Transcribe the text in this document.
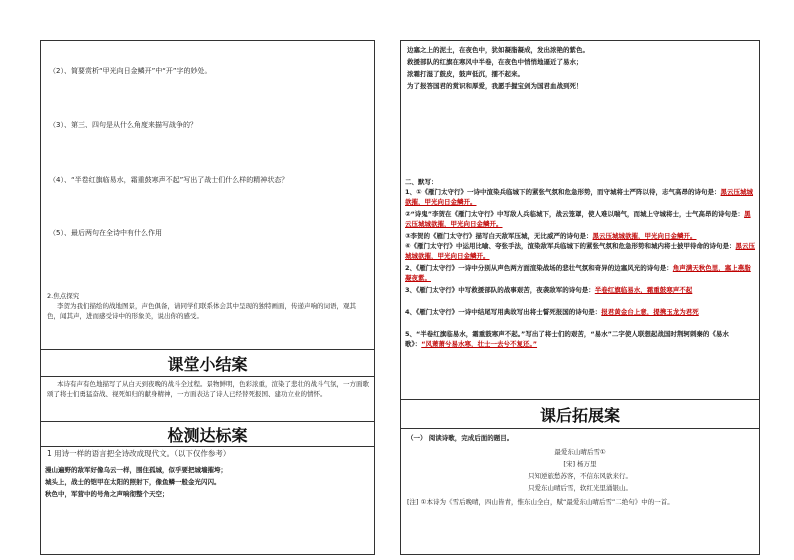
（2）、简要赏析“甲光向日金鳞开”中“开”字的妙处。
（3）、第三、四句是从什么角度来描写战争的？
（4）、“半卷红旗临易水，霜重鼓寒声不起”写出了战士们什么样的精神状态？
（5）、最后两句在全诗中有什么作用
2.焦点探究
李贺为我们描绘的战地图景，声色俱备，请同学们联系体会其中呈现的独特画面，传递声响的词语，观其色，闻其声，进而感受诗中的形象美，说出你的感受。
课堂小结案
本诗有声有色地描写了从白天到夜晚的战斗全过程。景物鲜明，色彩浓重，渲染了悲壮的战斗气氛，一方面歌颂了将士们勇猛奋战、视死如归的献身精神，一方面表达了诗人已经替死报国、建功立业的情怀。
检测达标案
1 用诗一样的语言把全诗改成现代文。（以下仅作参考）
漫山遍野的敌军好像乌云一样，围住孤城，似乎要把城墙摧垮；
城头上，战士的铠甲在太阳的照射下，像鱼鳞一般金光闪闪。
秋色中，军营中的号角之声响彻整个天空；
边塞之上的泥土，在夜色中，犹如凝脂凝成，发出浓艳的紫色。
救援部队的红旗在寒风中半卷，在夜色中悄悄地逼近了易水；
浓霜打湿了鼓皮，鼓声低沉，擂不起来。
为了报答国君的赏识和厚爱，我愿手握宝剑为国君血战到死！
二、默写：
1、①《雁门太守行》一诗中渲染兵临城下的紧张气氛和危急形势，而守城将士严阵以待，志气高昂的诗句是：黑云压城城欲摧，甲光向日金鳞开。
②“诗鬼”李贺在《雁门太守行》中写敌人兵临城下，战云笼罩，使人难以喘气，而城上守城将士，士气高昂的诗句是：黑云压城城欲摧，甲光向日金鳞开。
③李贺的《雁门太守行》描写白天敌军压城，无比威严的诗句是：黑云压城城欲摧，甲光向日金鳞开。
④《雁门太守行》中运用比喻、夸张手法，渲染敌军兵临城下的紧张气氛和危急形势和城内将士披甲待命的诗句是：黑云压城城欲摧，甲光向日金鳞开。
2、《雁门太守行》一诗中分别从声色两方面渲染战场的悲壮气氛和奇异的边塞风光的诗句是：角声满天秋色里，塞上燕脂凝夜紫。
3、《雁门太守行》中写救援部队的战事艰苦，夜袭敌军的诗句是：半卷红旗临易水，霜重鼓寒声不起
4、《雁门太守行》一诗中结尾写用典故写出将士誓死报国的诗句是：报君黄金台上意，提携玉龙为君死
5、“半卷红旗临易水，霜重鼓寒声不起。”写出了将士们的艰苦，“易水”二字使人联想起战国时荆轲刺秦的《易水歌》：“风萧萧兮易水寒，壮士一去兮不复还。”
课后拓展案
（一） 阅读诗歌，完成后面的题目。
最爱东山晴后雪①
[宋] 杨万里
只知逆旅愁苏客，不信东风欲来行。
只爱东山晴后雪，软红光里涌银山。
[注] ①本诗为《雪后晚晴，四山皆青，惟东山全白，赋“最爱东山晴后雪”二绝句》中的一首。
